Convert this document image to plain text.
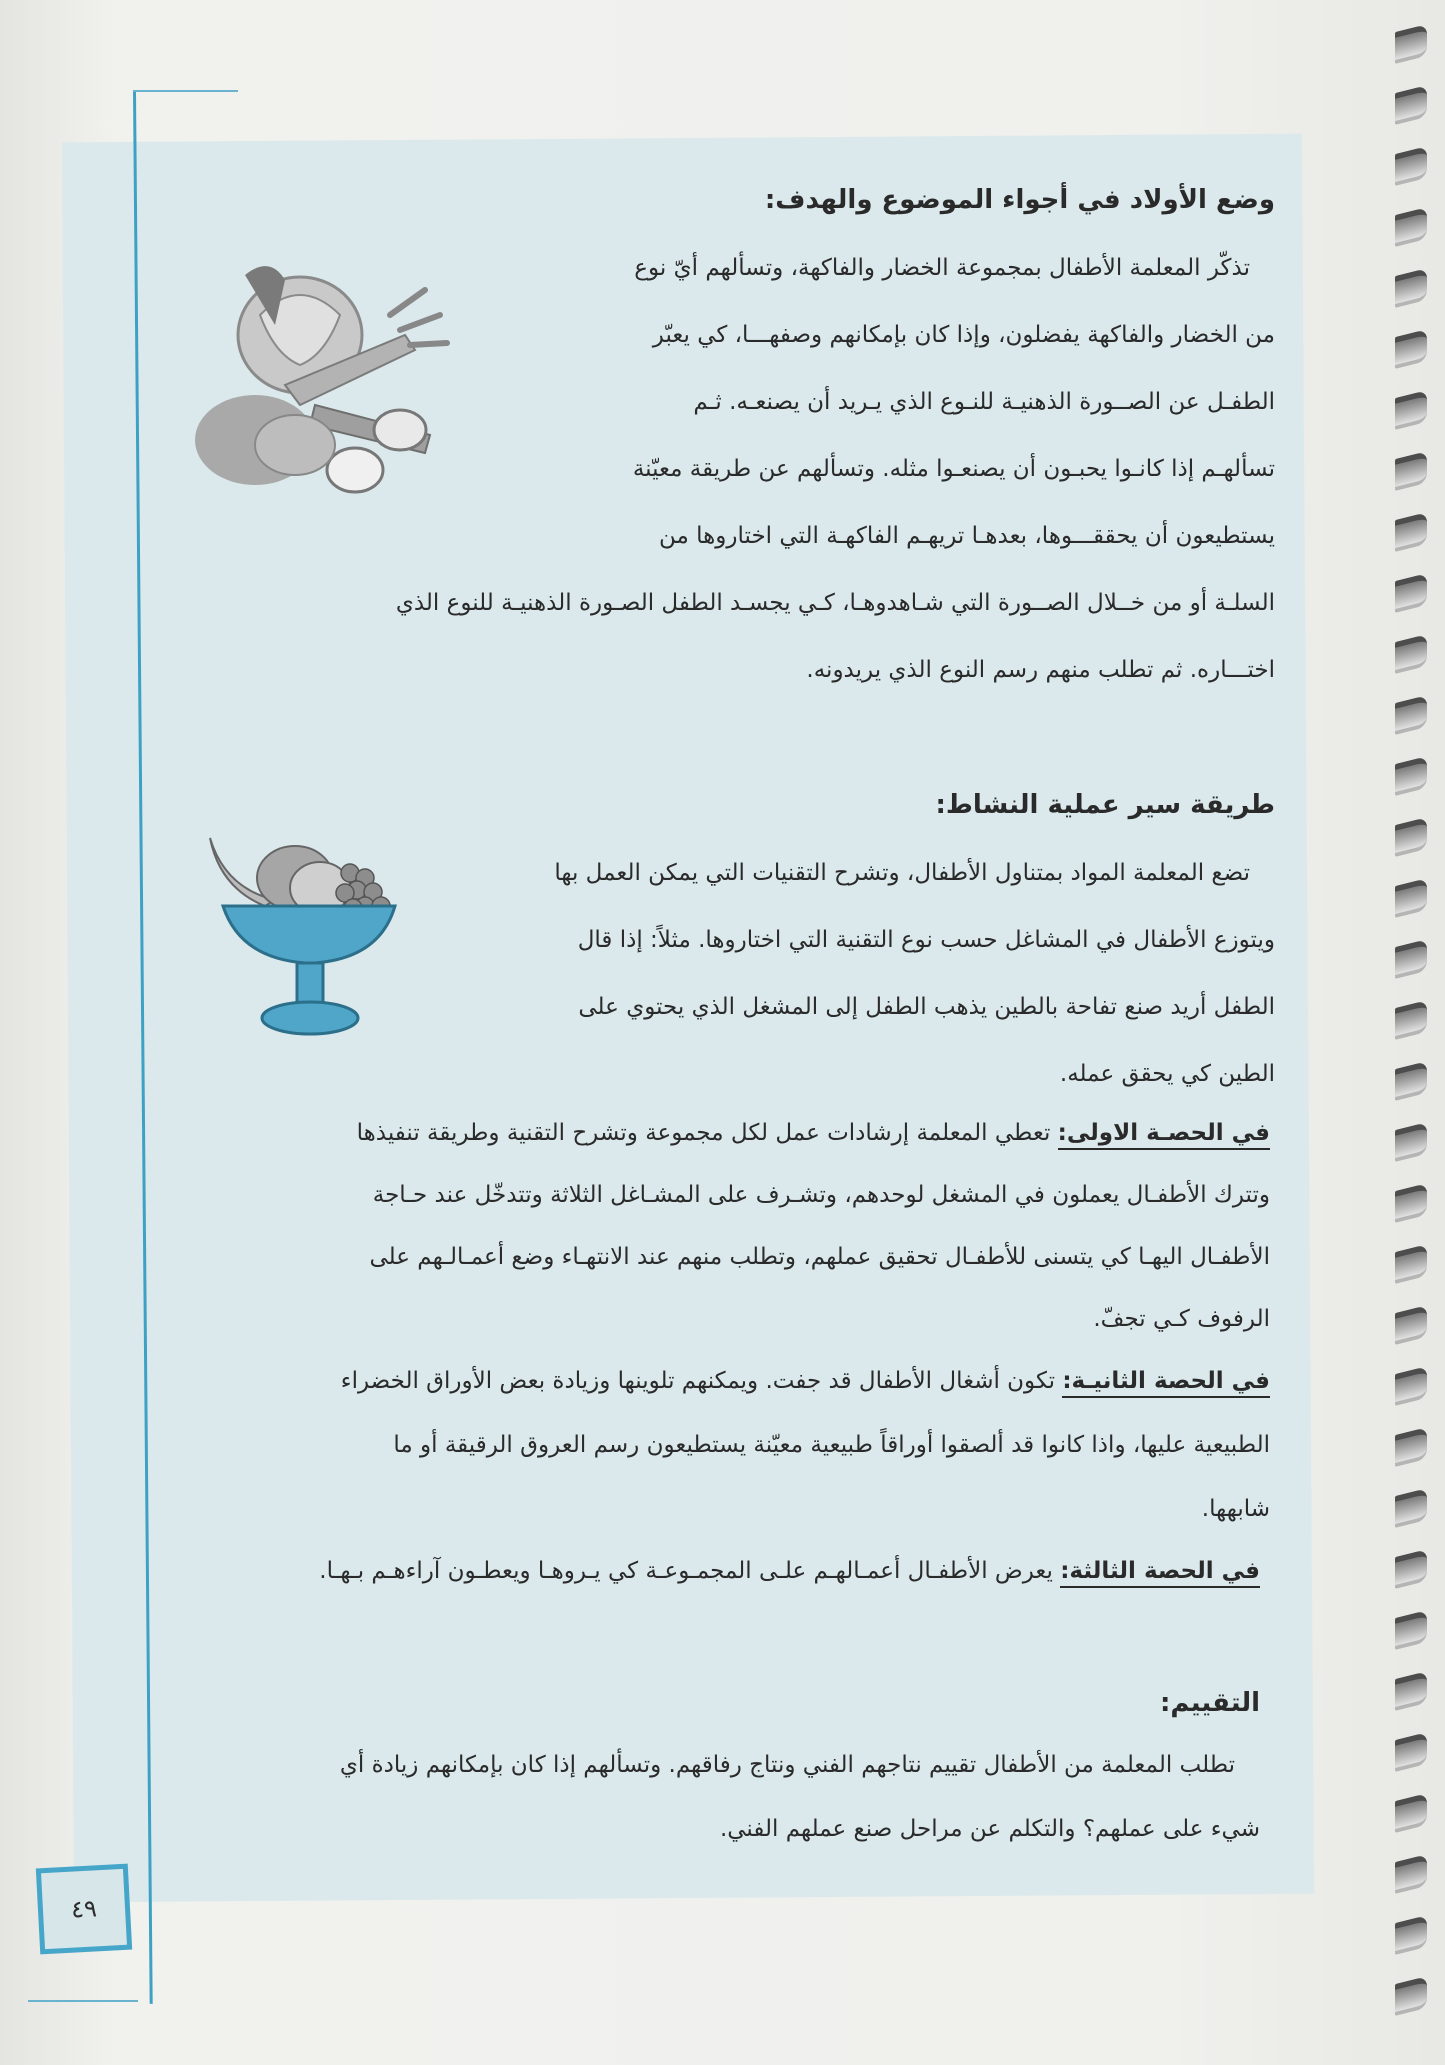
وضع الأولاد في أجواء الموضوع والهدف:
تذكّر المعلمة الأطفال بمجموعة الخضار والفاكهة، وتسألهم أيّ نوع
من الخضار والفاكهة يفضلون، وإذا كان بإمكانهم وصفهـــا، كي يعبّر
الطفـل عن الصــورة الذهنيـة للنـوع الذي يـريد أن يصنعـه. ثـم
تسألهـم إذا كانـوا يحبـون أن يصنعـوا مثله. وتسألهم عن طريقة معيّنة
يستطيعون أن يحققـــوها، بعدهـا تريهـم الفاكهـة التي اختاروها من
السلـة أو من خــلال الصــورة التي شـاهدوهـا، كـي يجسـد الطفل الصـورة الذهنيـة للنوع الذي
اختـــاره. ثم تطلب منهم رسم النوع الذي يريدونه.
طريقة سير عملية النشاط:
تضع المعلمة المواد بمتناول الأطفال، وتشرح التقنيات التي يمكن العمل بها
ويتوزع الأطفال في المشاغل حسب نوع التقنية التي اختاروها. مثلاً: إذا قال
الطفل أريد صنع تفاحة بالطين يذهب الطفل إلى المشغل الذي يحتوي على
الطين كي يحقق عمله.
في الحصـة الاولى: تعطي المعلمة إرشادات عمل لكل مجموعة وتشرح التقنية وطريقة تنفيذها
وتترك الأطفـال يعملون في المشغل لوحدهم، وتشـرف على المشـاغل الثلاثة وتتدخّل عند حـاجة
الأطفـال اليهـا كي يتسنى للأطفـال تحقيق عملهم، وتطلب منهم عند الانتهـاء وضع أعمـالـهم على
الرفوف كـي تجفّ.
في الحصة الثانيـة: تكون أشغال الأطفال قد جفت. ويمكنهم تلوينها وزيادة بعض الأوراق الخضراء
الطبيعية عليها، واذا كانوا قد ألصقوا أوراقاً طبيعية معيّنة يستطيعون رسم العروق الرقيقة أو ما
شابهها.
في الحصة الثالثة: يعرض الأطفـال أعمـالهـم علـى المجمـوعـة كي يـروهـا ويعطـون آراءهـم بـهـا.
التقييم:
تطلب المعلمة من الأطفال تقييم نتاجهم الفني ونتاج رفاقهم. وتسألهم إذا كان بإمكانهم زيادة أي
شيء على عملهم؟ والتكلم عن مراحل صنع عملهم الفني.
٤٩
